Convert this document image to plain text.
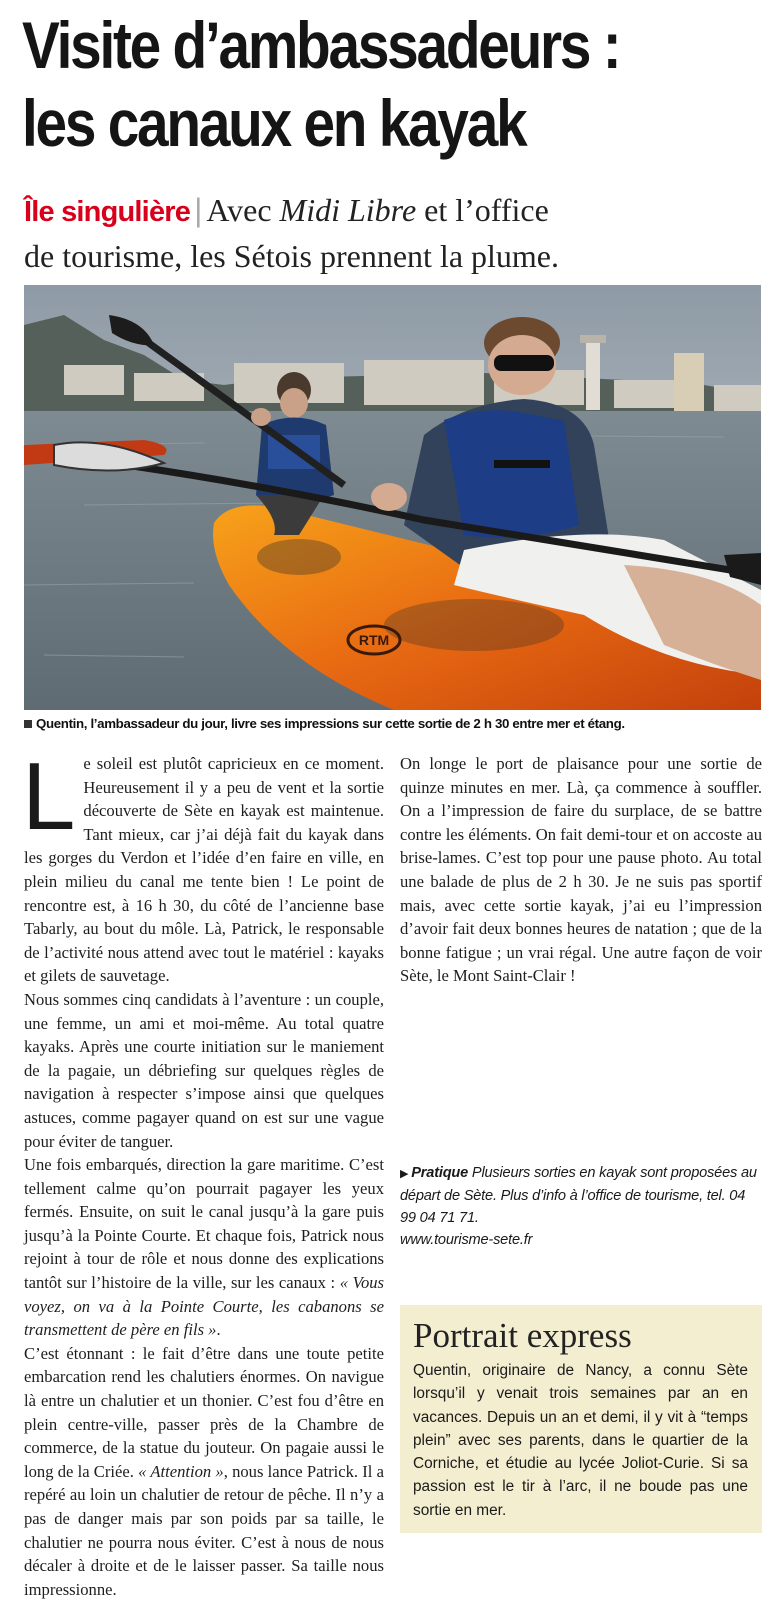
Visite d’ambassadeurs :
les canaux en kayak
Île singulière | Avec Midi Libre et l’office
de tourisme, les Sétois prennent la plume.
RTM
Quentin, l’ambassadeur du jour, livre ses impressions sur cette sortie de 2 h 30 entre mer et étang.

Le soleil est plutôt capricieux en ce moment. Heureusement il y a peu de vent et la sortie découverte de Sète en kayak est maintenue. Tant mieux, car j’ai déjà fait du kayak dans les gorges du Verdon et l’idée d’en faire en ville, en plein milieu du canal me tente bien ! Le point de rencontre est, à 16 h 30, du côté de l’ancienne base Tabarly, au bout du môle. Là, Patrick, le responsable de l’activité nous attend avec tout le matériel : kayaks et gilets de sauvetage.

Nous sommes cinq candidats à l’aventure : un couple, une femme, un ami et moi-même. Au total quatre kayaks. Après une courte initiation sur le maniement de la pagaie, un débriefing sur quelques règles de navigation à respecter s’impose ainsi que quelques astuces, comme pagayer quand on est sur une vague pour éviter de tanguer.

Une fois embarqués, direction la gare maritime. C’est tellement calme qu’on pourrait pagayer les yeux fermés. Ensuite, on suit le canal jusqu’à la gare puis jusqu’à la Pointe Courte. Et chaque fois, Patrick nous rejoint à tour de rôle et nous donne des explications tantôt sur l’histoire de la ville, sur les canaux : « Vous voyez, on va à la Pointe Courte, les cabanons se transmettent de père en fils ».

C’est étonnant : le fait d’être dans une toute petite embarcation rend les chalutiers énormes. On navigue là entre un chalutier et un thonier. C’est fou d’être en plein centre-ville, passer près de la Chambre de commerce, de la statue du jouteur. On pagaie aussi le long de la Criée. « Attention », nous lance Patrick. Il a repéré au loin un chalutier de retour de pêche. Il n’y a pas de danger mais par son poids par sa taille, le chalutier ne pourra nous éviter. C’est à nous de nous décaler à droite et de le laisser passer. Sa taille nous impressionne.

On longe le port de plaisance pour une sortie de quinze minutes en mer. Là, ça commence à souffler. On a l’impression de faire du surplace, de se battre contre les éléments. On fait demi-tour et on accoste au brise-lames. C’est top pour une pause photo. Au total une balade de plus de 2 h 30. Je ne suis pas sportif mais, avec cette sortie kayak, j’ai eu l’impression d’avoir fait deux bonnes heures de natation ; que de la bonne fatigue ; un vrai régal. Une autre façon de voir Sète, le Mont Saint-Clair !

▶ Pratique Plusieurs sorties en kayak sont proposées au départ de Sète. Plus d’info à l’office de tourisme, tel. 04 99 04 71 71.
www.tourisme-sete.fr
Portrait express
Quentin, originaire de Nancy, a connu Sète lorsqu’il y venait trois semaines par an en vacances. Depuis un an et demi, il y vit à “temps plein” avec ses parents, dans le quartier de la Corniche, et étudie au lycée Joliot-Curie. Si sa passion est le tir à l’arc, il ne boude pas une sortie en mer.
